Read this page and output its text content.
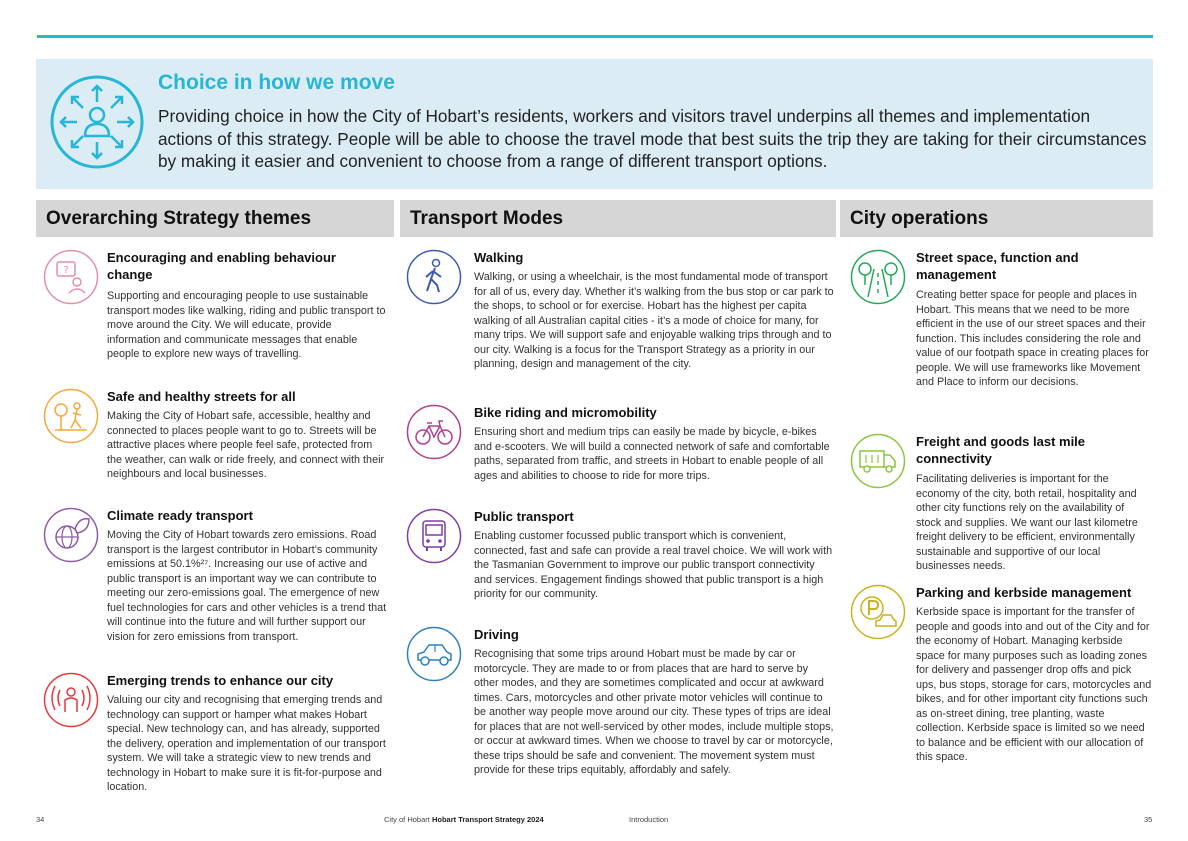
Choice in how we move
Providing choice in how the City of Hobart’s residents, workers and visitors travel underpins all themes and implementation actions of this strategy. People will be able to choose the travel mode that best suits the trip they are taking for their circumstances by making it easier and convenient to choose from a range of different transport options.
Overarching Strategy themes	Transport Modes	City operations
?
Encouraging and enabling behaviour change
Supporting and encouraging people to use sustainable transport modes like walking, riding and public transport to move around the City. We will educate, provide information and communicate messages that enable people to explore new ways of travelling.
Safe and healthy streets for all
Making the City of Hobart safe, accessible, healthy and connected to places people want to go to. Streets will be attractive places where people feel safe, protected from the weather, can walk or ride freely, and connect with their neighbours and local businesses.
Climate ready transport
Moving the City of Hobart towards zero emissions. Road transport is the largest contributor in Hobart’s community emissions at 50.1%²⁷. Increasing our use of active and public transport is an important way we can contribute to meeting our zero-emissions goal. The emergence of new fuel technologies for cars and other vehicles is a trend that will continue into the future and will further support our vision for zero emissions from transport.
Emerging trends to enhance our city
Valuing our city and recognising that emerging trends and technology can support or hamper what makes Hobart special. New technology can, and has already, supported the delivery, operation and implementation of our transport system. We will take a strategic view to new trends and technology in Hobart to make sure it is fit-for-purpose and location.
Walking
Walking, or using a wheelchair, is the most fundamental mode of transport for all of us, every day. Whether it’s walking from the bus stop or car park to the shops, to school or for exercise. Hobart has the highest per capita walking of all Australian capital cities - it’s a mode of choice for many, for many trips. We will support safe and enjoyable walking trips through and to our city. Walking is a focus for the Transport Strategy as a priority in our planning, design and management of the city.
Bike riding and micromobility
Ensuring short and medium trips can easily be made by bicycle, e-bikes and e-scooters. We will build a connected network of safe and comfortable paths, separated from traffic, and streets in Hobart to enable people of all ages and abilities to choose to ride for more trips.
Public transport
Enabling customer focussed public transport which is convenient, connected, fast and safe can provide a real travel choice. We will work with the Tasmanian Government to improve our public transport connectivity and services. Engagement findings showed that public transport is a high priority for our community.
Driving
Recognising that some trips around Hobart must be made by car or motorcycle. They are made to or from places that are hard to serve by other modes, and they are sometimes complicated and occur at awkward times. Cars, motorcycles and other private motor vehicles will continue to be another way people move around our city. These types of trips are ideal for places that are not well-serviced by other modes, include multiple stops, or occur at awkward times. When we choose to travel by car or motorcycle, these trips should be safe and convenient. The movement system must provide for these trips equitably, affordably and safely.
Street space, function and management
Creating better space for people and places in Hobart. This means that we need to be more efficient in the use of our street spaces and their function. This includes considering the role and value of our footpath space in creating places for people. We will use frameworks like Movement and Place to inform our decisions.
Freight and goods last mile connectivity
Facilitating deliveries is important for the economy of the city, both retail, hospitality and other city functions rely on the availability of stock and supplies. We want our last kilometre freight delivery to be efficient, environmentally sustainable and supportive of our local businesses needs.
Parking and kerbside management
Kerbside space is important for the transfer of people and goods into and out of the City and for the economy of Hobart. Managing kerbside space for many purposes such as loading zones for delivery and passenger drop offs and pick ups, bus stops, storage for cars, motorcycles and bikes, and for other important city functions such as on-street dining, tree planting, waste collection. Kerbside space is limited so we need to balance and be efficient with our allocation of this space.
34	City of Hobart Hobart Transport Strategy 2024	Introduction	35
